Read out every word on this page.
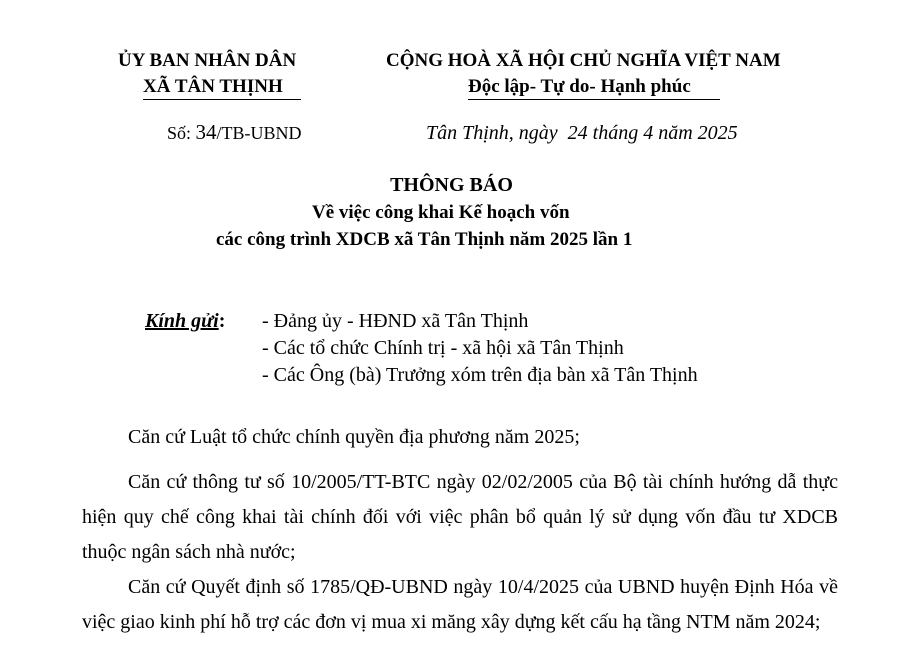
ỦY BAN NHÂN DÂN
XÃ TÂN THỊNH
CỘNG HOÀ XÃ HỘI CHỦ NGHĨA VIỆT NAM
Độc lập- Tự do- Hạnh phúc
Số: 34/TB-UBND	Tân Thịnh, ngày  24 tháng 4 năm 2025
THÔNG BÁO
Về việc công khai Kế hoạch vốn
các công trình XDCB xã Tân Thịnh năm 2025 lần 1
Kính gửi: - Đảng ủy - HĐND xã Tân Thịnh
- Các tổ chức Chính trị - xã hội xã Tân Thịnh
- Các Ông (bà) Trưởng xóm trên địa bàn xã Tân Thịnh
Căn cứ Luật tổ chức chính quyền địa phương năm 2025;
Căn cứ thông tư số 10/2005/TT-BTC ngày 02/02/2005 của Bộ tài chính hướng dẫ thực hiện quy chế công khai tài chính đối với việc phân bổ quản lý sử dụng vốn đầu tư XDCB thuộc ngân sách nhà nước;
Căn cứ Quyết định số 1785/QĐ-UBND ngày 10/4/2025 của UBND huyện Định Hóa về việc giao kinh phí hỗ trợ các đơn vị mua xi măng xây dựng kết cấu hạ tầng NTM năm 2024;
